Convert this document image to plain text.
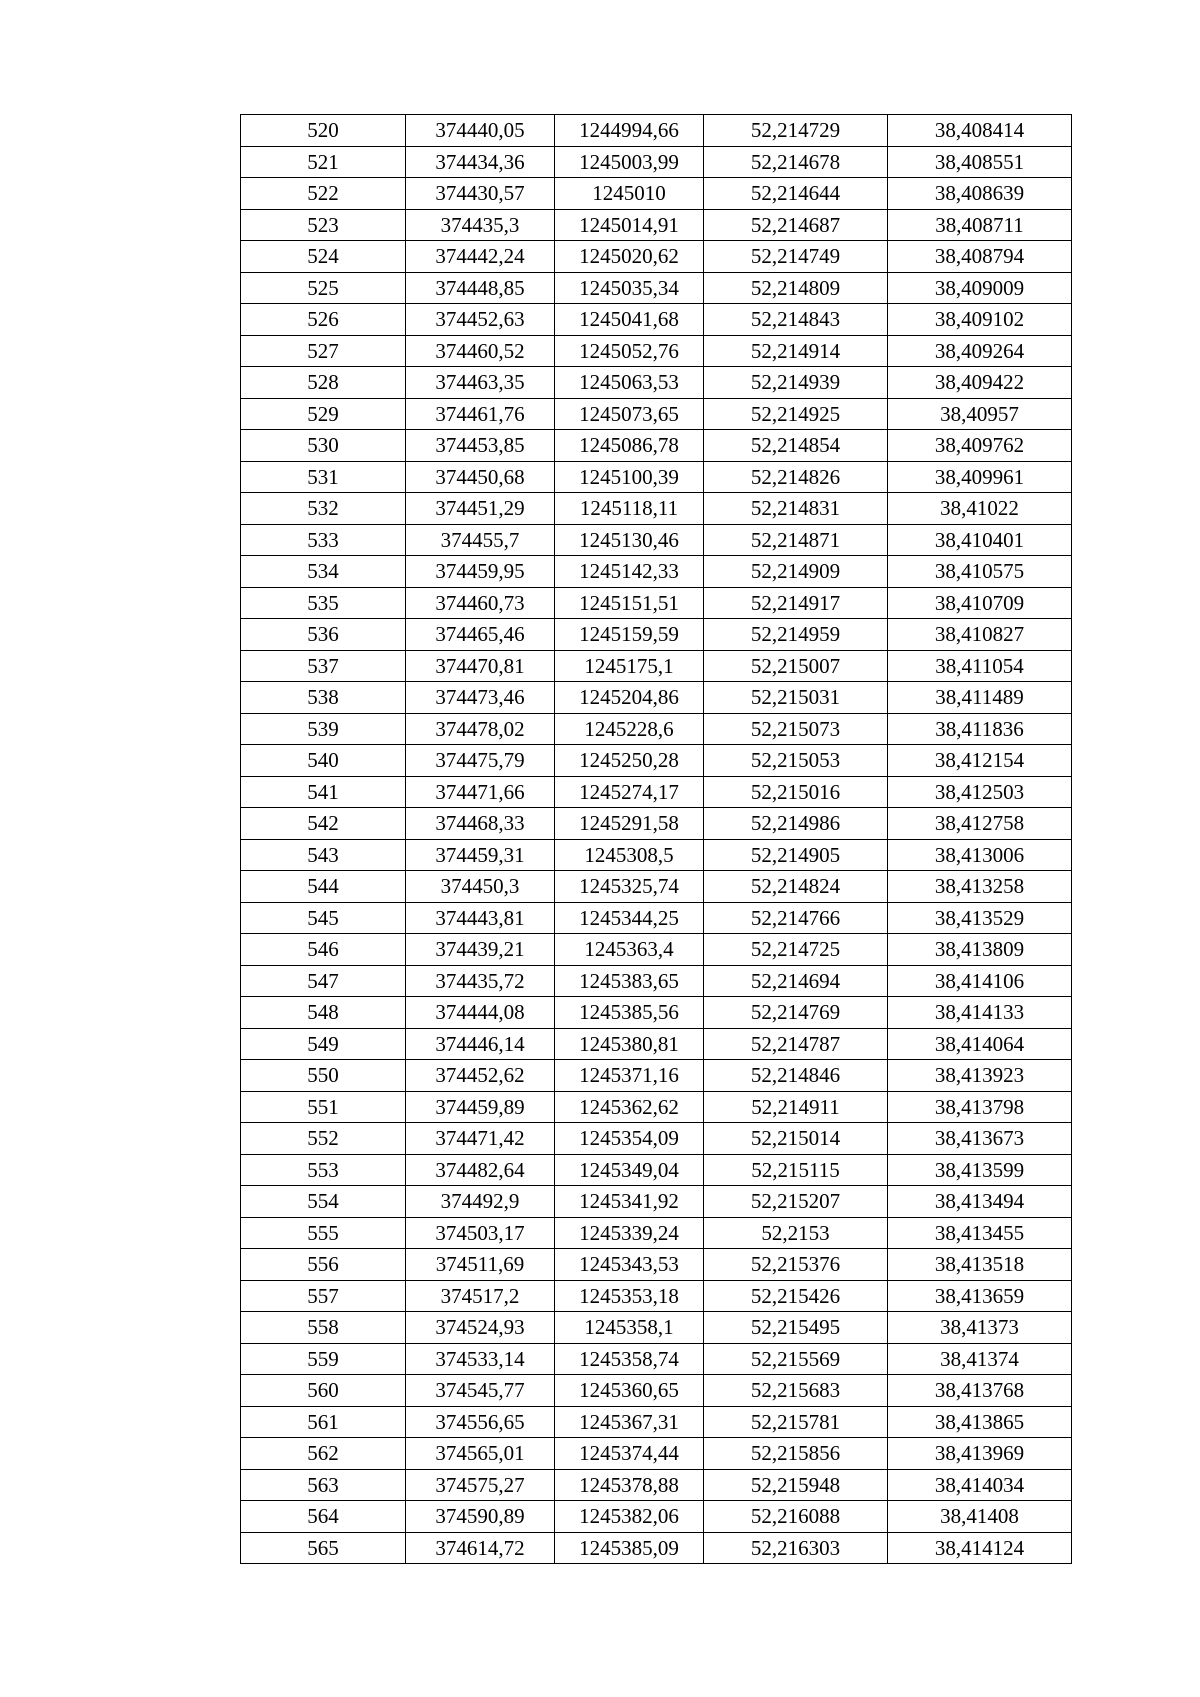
520	374440,05	1244994,66	52,214729	38,408414
521	374434,36	1245003,99	52,214678	38,408551
522	374430,57	1245010	52,214644	38,408639
523	374435,3	1245014,91	52,214687	38,408711
524	374442,24	1245020,62	52,214749	38,408794
525	374448,85	1245035,34	52,214809	38,409009
526	374452,63	1245041,68	52,214843	38,409102
527	374460,52	1245052,76	52,214914	38,409264
528	374463,35	1245063,53	52,214939	38,409422
529	374461,76	1245073,65	52,214925	38,40957
530	374453,85	1245086,78	52,214854	38,409762
531	374450,68	1245100,39	52,214826	38,409961
532	374451,29	1245118,11	52,214831	38,41022
533	374455,7	1245130,46	52,214871	38,410401
534	374459,95	1245142,33	52,214909	38,410575
535	374460,73	1245151,51	52,214917	38,410709
536	374465,46	1245159,59	52,214959	38,410827
537	374470,81	1245175,1	52,215007	38,411054
538	374473,46	1245204,86	52,215031	38,411489
539	374478,02	1245228,6	52,215073	38,411836
540	374475,79	1245250,28	52,215053	38,412154
541	374471,66	1245274,17	52,215016	38,412503
542	374468,33	1245291,58	52,214986	38,412758
543	374459,31	1245308,5	52,214905	38,413006
544	374450,3	1245325,74	52,214824	38,413258
545	374443,81	1245344,25	52,214766	38,413529
546	374439,21	1245363,4	52,214725	38,413809
547	374435,72	1245383,65	52,214694	38,414106
548	374444,08	1245385,56	52,214769	38,414133
549	374446,14	1245380,81	52,214787	38,414064
550	374452,62	1245371,16	52,214846	38,413923
551	374459,89	1245362,62	52,214911	38,413798
552	374471,42	1245354,09	52,215014	38,413673
553	374482,64	1245349,04	52,215115	38,413599
554	374492,9	1245341,92	52,215207	38,413494
555	374503,17	1245339,24	52,2153	38,413455
556	374511,69	1245343,53	52,215376	38,413518
557	374517,2	1245353,18	52,215426	38,413659
558	374524,93	1245358,1	52,215495	38,41373
559	374533,14	1245358,74	52,215569	38,41374
560	374545,77	1245360,65	52,215683	38,413768
561	374556,65	1245367,31	52,215781	38,413865
562	374565,01	1245374,44	52,215856	38,413969
563	374575,27	1245378,88	52,215948	38,414034
564	374590,89	1245382,06	52,216088	38,41408
565	374614,72	1245385,09	52,216303	38,414124
